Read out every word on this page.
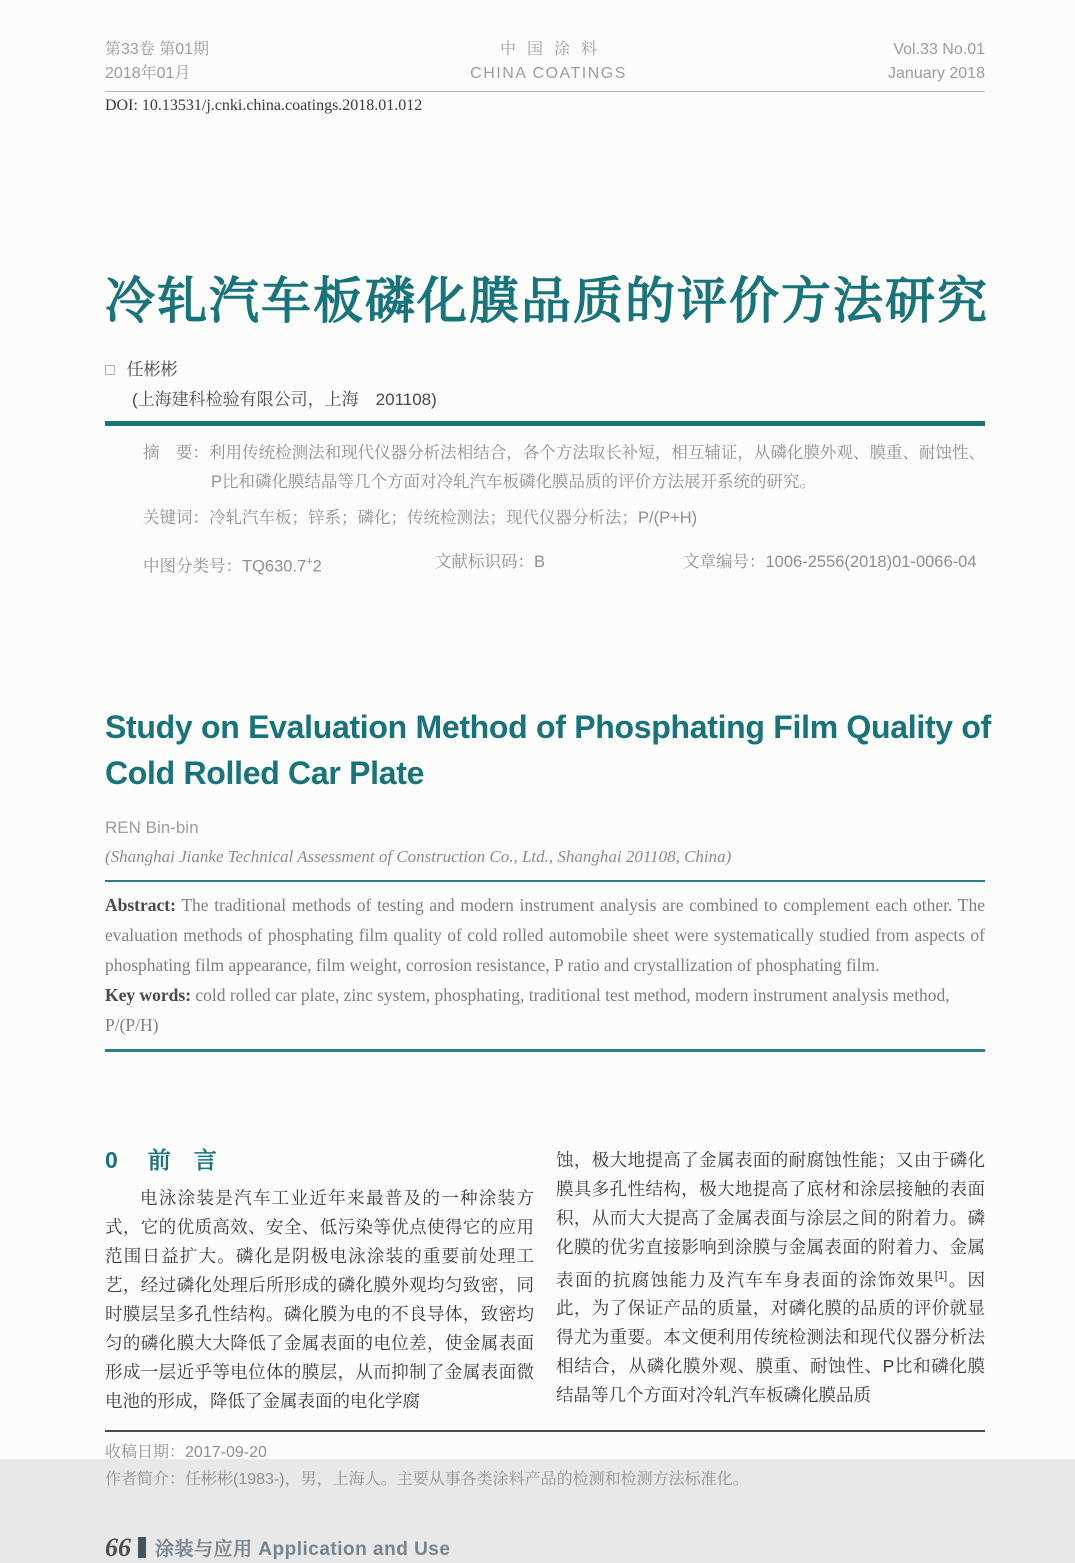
第33卷 第01期
2018年01月
中国涂料
CHINA COATINGS
Vol.33 No.01
January 2018
DOI: 10.13531/j.cnki.china.coatings.2018.01.012
冷轧汽车板磷化膜品质的评价方法研究
□ 任彬彬
(上海建科检验有限公司，上海　201108)
摘　要：利用传统检测法和现代仪器分析法相结合，各个方法取长补短，相互辅证，从磷化膜外观、膜重、耐蚀性、P比和磷化膜结晶等几个方面对冷轧汽车板磷化膜品质的评价方法展开系统的研究。
关键词：冷轧汽车板；锌系；磷化；传统检测法；现代仪器分析法；P/(P+H)
中图分类号：TQ630.7+2	文献标识码：B	文章编号：1006-2556(2018)01-0066-04
Study on Evaluation Method of Phosphating Film Quality of
Cold Rolled Car Plate
REN Bin-bin
(Shanghai Jianke Technical Assessment of Construction Co., Ltd., Shanghai 201108, China)
Abstract: The traditional methods of testing and modern instrument analysis are combined to complement each other. The evaluation methods of phosphating film quality of cold rolled automobile sheet were systematically studied from aspects of phosphating film appearance, film weight, corrosion resistance, P ratio and crystallization of phosphating film.
Key words: cold rolled car plate, zinc system, phosphating, traditional test method, modern instrument analysis method, P/(P/H)
0 前　言

电泳涂装是汽车工业近年来最普及的一种涂装方式，它的优质高效、安全、低污染等优点使得它的应用范围日益扩大。磷化是阴极电泳涂装的重要前处理工艺，经过磷化处理后所形成的磷化膜外观均匀致密，同时膜层呈多孔性结构。磷化膜为电的不良导体，致密均匀的磷化膜大大降低了金属表面的电位差，使金属表面形成一层近乎等电位体的膜层，从而抑制了金属表面微电池的形成，降低了金属表面的电化学腐

蚀，极大地提高了金属表面的耐腐蚀性能；又由于磷化膜具多孔性结构，极大地提高了底材和涂层接触的表面积，从而大大提高了金属表面与涂层之间的附着力。磷化膜的优劣直接影响到涂膜与金属表面的附着力、金属表面的抗腐蚀能力及汽车车身表面的涂饰效果[1]。因此，为了保证产品的质量，对磷化膜的品质的评价就显得尤为重要。本文便利用传统检测法和现代仪器分析法相结合，从磷化膜外观、膜重、耐蚀性、P比和磷化膜结晶等几个方面对冷轧汽车板磷化膜品质

收稿日期：2017-09-20
作者简介：任彬彬(1983-)，男，上海人。主要从事各类涂料产品的检测和检测方法标准化。
66 涂装与应用 Application and Use
